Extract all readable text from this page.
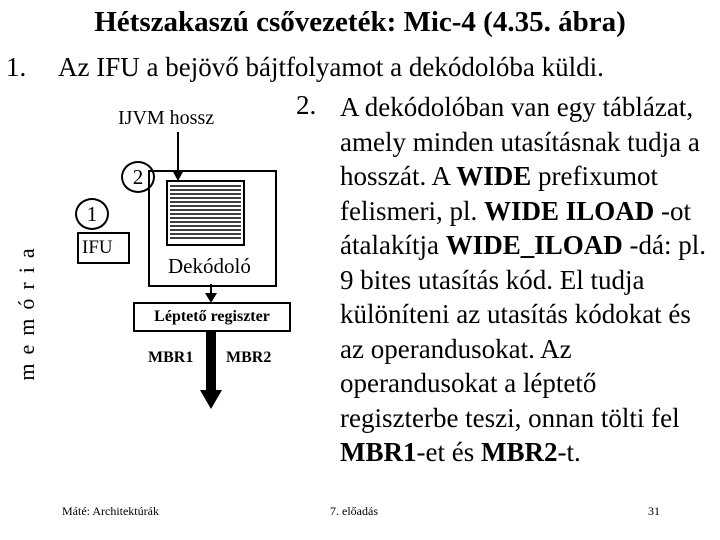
Hétszakaszú csővezeték: Mic-4 (4.35. ábra)
1. Az IFU a bejövő bájtfolyamot a dekódolóba küldi.
IJVM hossz
memória
Dekódoló
2
1
IFU
Léptető regiszter
MBR1 MBR2
2. A dekódolóban van egy táblázat, amely minden utasításnak tudja a hosszát. A WIDE prefixumot felismeri, pl. WIDE ILOAD -ot átalakítja WIDE_ILOAD -dá: pl. 9 bites utasítás kód. El tudja különíteni az utasítás kódokat és az operandusokat. Az operandusokat a léptető regiszterbe teszi, onnan tölti fel MBR1-et és MBR2-t.
Máté: Architektúrák	7. előadás	31
